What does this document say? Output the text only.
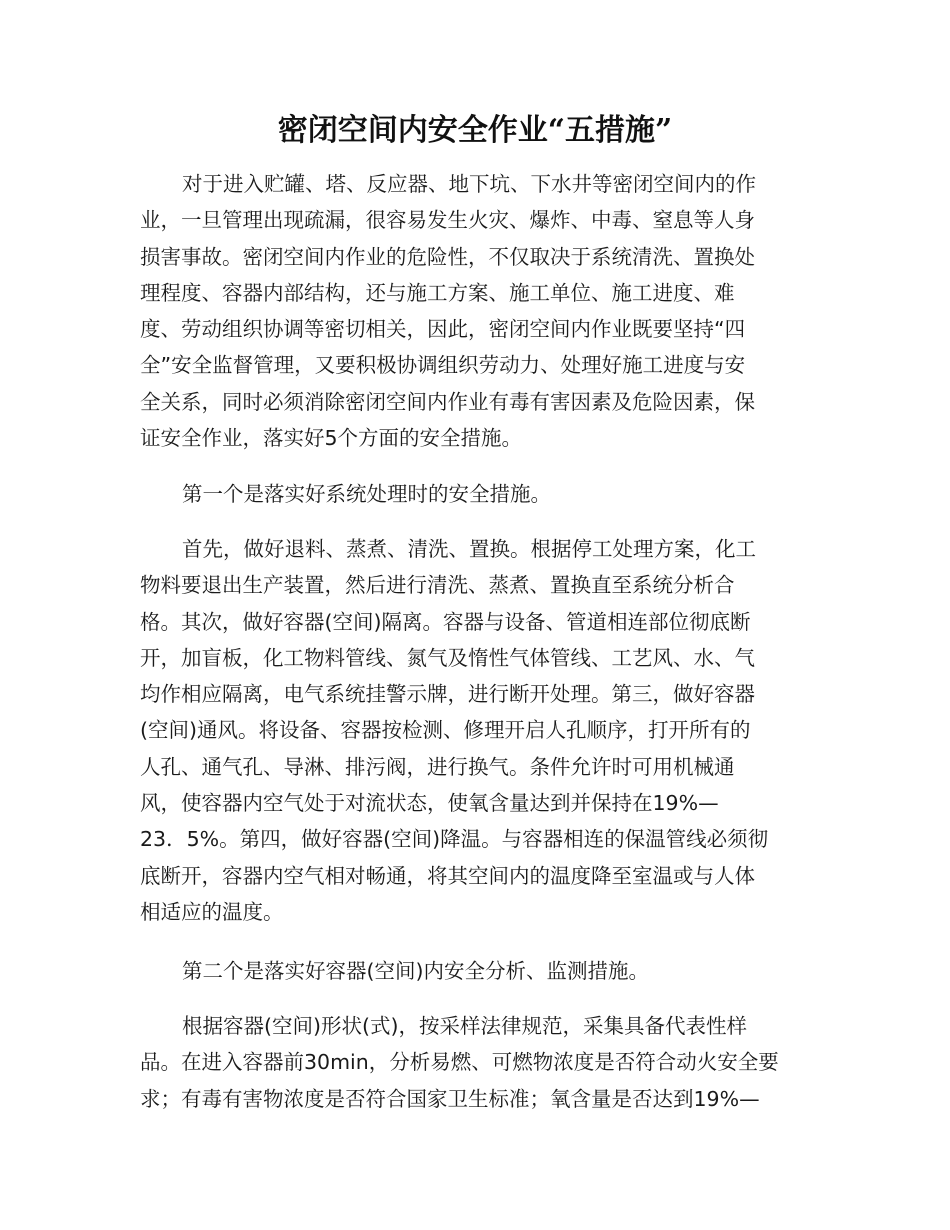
密闭空间内安全作业“五措施”
对于进入贮罐、塔、反应器、地下坑、下水井等密闭空间内的作
业，一旦管理出现疏漏，很容易发生火灾、爆炸、中毒、窒息等人身
损害事故。密闭空间内作业的危险性，不仅取决于系统清洗、置换处
理程度、容器内部结构，还与施工方案、施工单位、施工进度、难
度、劳动组织协调等密切相关，因此，密闭空间内作业既要坚持“四
全”安全监督管理，又要积极协调组织劳动力、处理好施工进度与安
全关系，同时必须消除密闭空间内作业有毒有害因素及危险因素，保
证安全作业，落实好5个方面的安全措施。
第一个是落实好系统处理时的安全措施。
首先，做好退料、蒸煮、清洗、置换。根据停工处理方案，化工
物料要退出生产装置，然后进行清洗、蒸煮、置换直至系统分析合
格。其次，做好容器(空间)隔离。容器与设备、管道相连部位彻底断
开，加盲板，化工物料管线、氮气及惰性气体管线、工艺风、水、气
均作相应隔离，电气系统挂警示牌，进行断开处理。第三，做好容器
(空间)通风。将设备、容器按检测、修理开启人孔顺序，打开所有的
人孔、通气孔、导淋、排污阀，进行换气。条件允许时可用机械通
风，使容器内空气处于对流状态，使氧含量达到并保持在19%—
23．5%。第四，做好容器(空间)降温。与容器相连的保温管线必须彻
底断开，容器内空气相对畅通，将其空间内的温度降至室温或与人体
相适应的温度。
第二个是落实好容器(空间)内安全分析、监测措施。
根据容器(空间)形状(式)，按采样法律规范，采集具备代表性样
品。在进入容器前30min，分析易燃、可燃物浓度是否符合动火安全要
求；有毒有害物浓度是否符合国家卫生标准；氧含量是否达到19%—
